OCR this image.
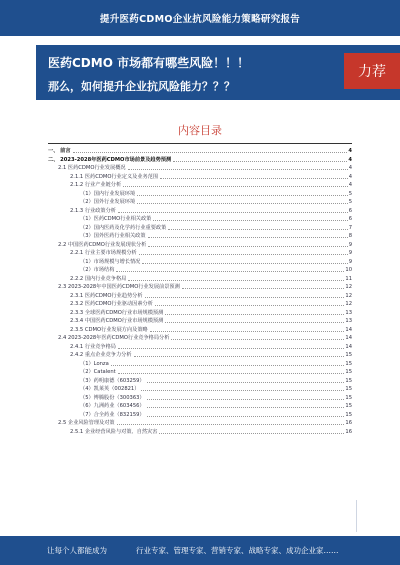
提升医药CDMO企业抗风险能力策略研究报告
医药CDMO 市场都有哪些风险！！！
那么，如何提升企业抗风险能力？？？
力荐
内容目录
一、 前言	4
二、 2023-2028年医药CDMO市场前景及趋势预测	4
2.1 医药CDMO行业发展概况	4
2.1.1 医药CDMO行业定义及业务范围	4
2.1.2 行业产业链分析	4
（1）国内行业发展环境	5
（2）国外行业发展环境	5
2.1.3 行业政策分析	6
（1）医药CDMO行业相关政策	6
（2）国内医药及化学药行业重要政策	7
（3）国外医药行业相关政策	8
2.2 中国医药CDMO行业发展现状分析	9
2.2.1 行业主要市场规模分析	9
（1）市场规模与增长情况	9
（2）市场结构	10
2.2.2 国内行业竞争格局	11
2.3 2023-2028年中国医药CDMO行业发展前景预测	12
2.3.1 医药CDMO行业趋势分析	12
2.3.2 医药CDMO行业驱动因素分析	12
2.3.3 全球医药CDMO行业市场规模预测	13
2.3.4 中国医药CDMO行业市场规模预测	13
2.3.5 CDMO行业发展方向及策略	14
2.4 2023-2028年医药CDMO行业竞争格局分析	14
2.4.1 行业竞争格局	14
2.4.2 重点企业竞争力分析	15
（1）Lonza	15
（2）Catalent	15
（3）药明康德（603259）	15
（4）凯莱英（002821）	15
（5）博腾股份（300363）	15
（6）九洲药业（603456）	15
（7）合全药业（832159）	15
2.5 企业风险管理及对策	16
2.5.1 企业经营风险与对策、自然灾害	16
让每个人都能成为	行业专家、管理专家、营销专家、战略专家、成功企业家……
